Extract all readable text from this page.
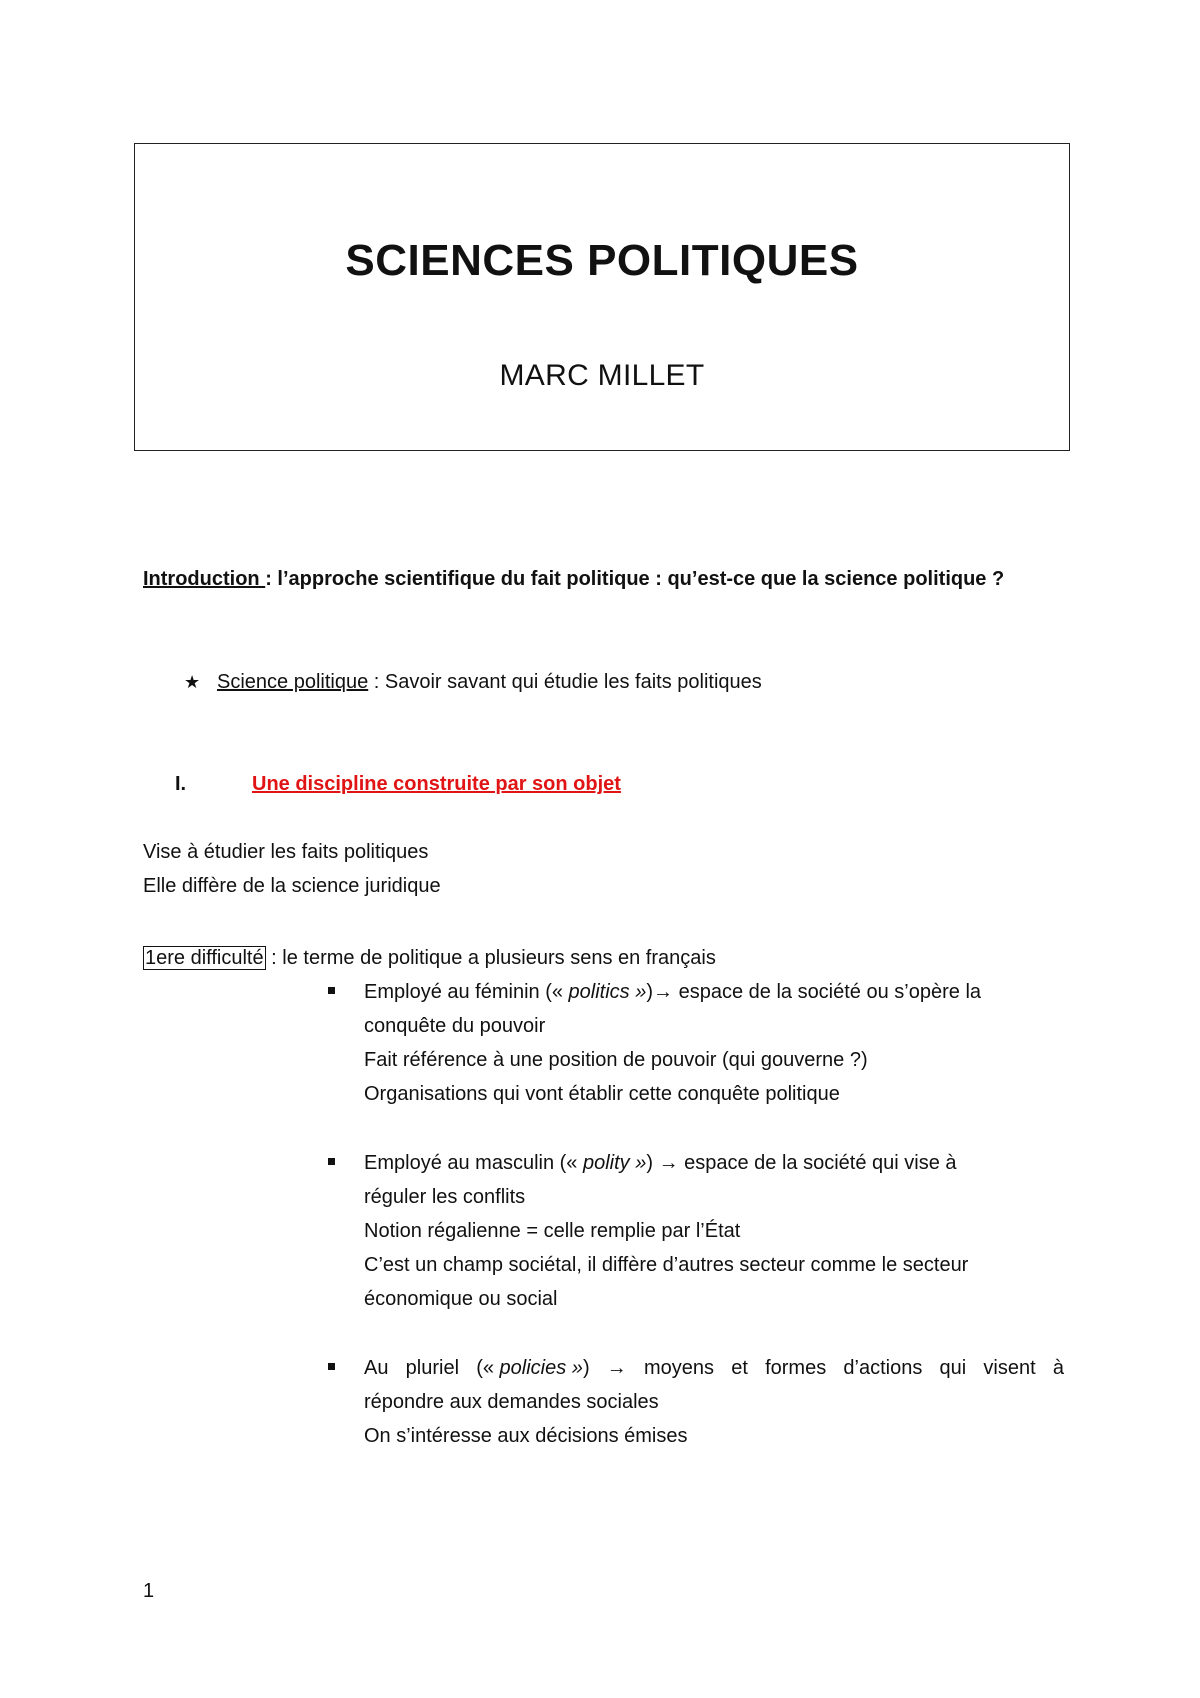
SCIENCES POLITIQUES
MARC MILLET
Introduction : l’approche scientifique du fait politique : qu’est-ce que la science politique ?
★ Science politique : Savoir savant qui étudie les faits politiques
I.	Une discipline construite par son objet
Vise à étudier les faits politiques
Elle diffère de la science juridique
1ere difficulté : le terme de politique a plusieurs sens en français
Employé au féminin (« politics »)→ espace de la société ou s’opère la
conquête du pouvoir
Fait référence à une position de pouvoir (qui gouverne ?)
Organisations qui vont établir cette conquête politique
Employé au masculin (« polity ») → espace de la société qui vise à
réguler les conflits
Notion régalienne = celle remplie par l’État
C’est un champ sociétal, il diffère d’autres secteur comme le secteur
économique ou social
Au pluriel (« policies ») → moyens et formes d’actions qui visent à
répondre aux demandes sociales
On s’intéresse aux décisions émises
1
